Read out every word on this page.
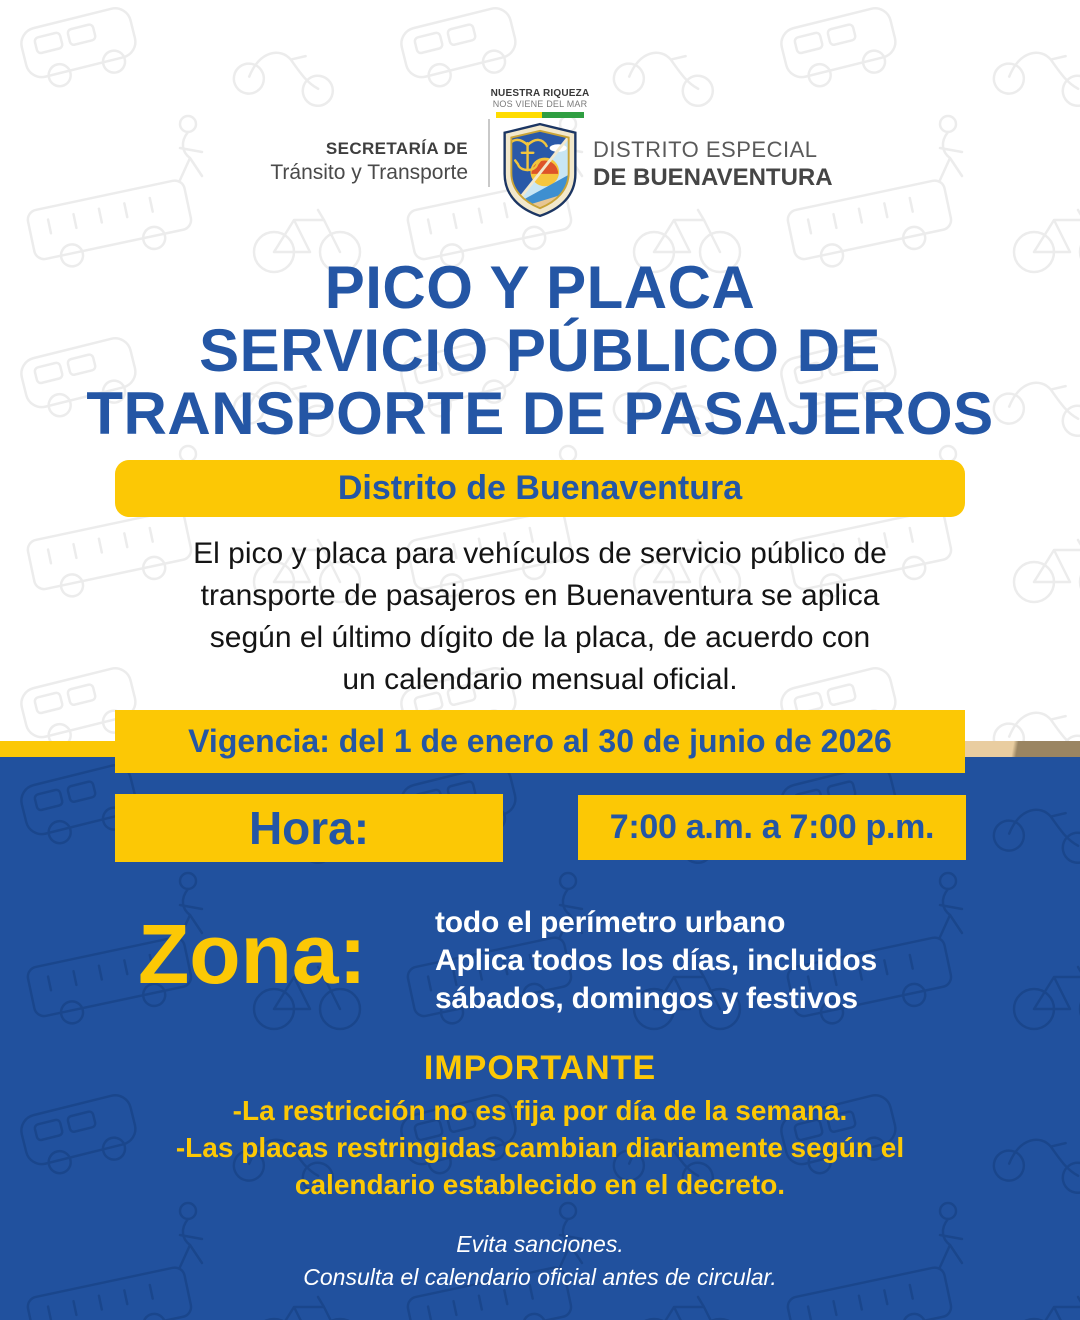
SECRETARÍA DE
Tránsito y Transporte
NUESTRA RIQUEZA
NOS VIENE DEL MAR
DISTRITO ESPECIAL
DE BUENAVENTURA
PICO Y PLACA
SERVICIO PÚBLICO DE
TRANSPORTE DE PASAJEROS
Distrito de Buenaventura
El pico y placa para vehículos de servicio público de
transporte de pasajeros en Buenaventura se aplica
según el último dígito de la placa, de acuerdo con
un calendario mensual oficial.
Vigencia: del 1 de enero al 30 de junio de 2026
Hora:	7:00 a.m. a 7:00 p.m.
Zona: todo el perímetro urbano
Aplica todos los días, incluidos
sábados, domingos y festivos
IMPORTANTE
-La restricción no es fija por día de la semana.
-Las placas restringidas cambian diariamente según el
calendario establecido en el decreto.
Evita sanciones.
Consulta el calendario oficial antes de circular.
